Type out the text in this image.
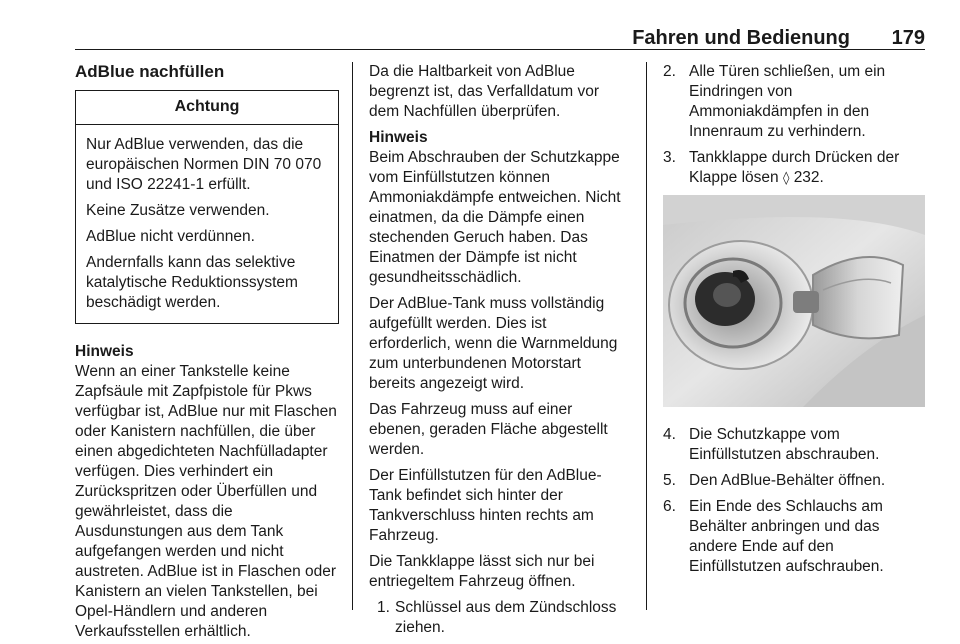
Fahren und Bedienung 179
AdBlue nachfüllen
Achtung

Nur AdBlue verwenden, das die europäischen Normen DIN 70 070 und ISO 22241-1 erfüllt.

Keine Zusätze verwenden.

AdBlue nicht verdünnen.

Andernfalls kann das selektive katalytische Reduktionssystem beschädigt werden.

Hinweis
Wenn an einer Tankstelle keine Zapfsäule mit Zapfpistole für Pkws verfügbar ist, AdBlue nur mit Flaschen oder Kanistern nachfüllen, die über einen abgedichteten Nachfülladapter verfügen. Dies verhindert ein Zurückspritzen oder Überfüllen und gewährleistet, dass die Ausdunstungen aus dem Tank aufgefangen werden und nicht austreten. AdBlue ist in Flaschen oder Kanistern an vielen Tankstellen, bei Opel-Händlern und anderen Verkaufsstellen erhältlich.

Da die Haltbarkeit von AdBlue begrenzt ist, das Verfalldatum vor dem Nachfüllen überprüfen.

Hinweis
Beim Abschrauben der Schutzkappe vom Einfüllstutzen können Ammoniakdämpfe entweichen. Nicht einatmen, da die Dämpfe einen stechenden Geruch haben. Das Einatmen der Dämpfe ist nicht gesundheitsschädlich.

Der AdBlue-Tank muss vollständig aufgefüllt werden. Dies ist erforderlich, wenn die Warnmeldung zum unterbundenen Motorstart bereits angezeigt wird.

Das Fahrzeug muss auf einer ebenen, geraden Fläche abgestellt werden.

Der Einfüllstutzen für den AdBlue-Tank befindet sich hinter der Tankverschluss hinten rechts am Fahrzeug.

Die Tankklappe lässt sich nur bei entriegeltem Fahrzeug öffnen.

1. Schlüssel aus dem Zündschloss ziehen.
2. Alle Türen schließen, um ein Eindringen von Ammoniakdämpfen in den Innenraum zu verhindern.
3. Tankklappe durch Drücken der Klappe lösen ◊ 232.
4. Die Schutzkappe vom Einfüllstutzen abschrauben.
5. Den AdBlue-Behälter öffnen.
6. Ein Ende des Schlauchs am Behälter anbringen und das andere Ende auf den Einfüllstutzen aufschrauben.
